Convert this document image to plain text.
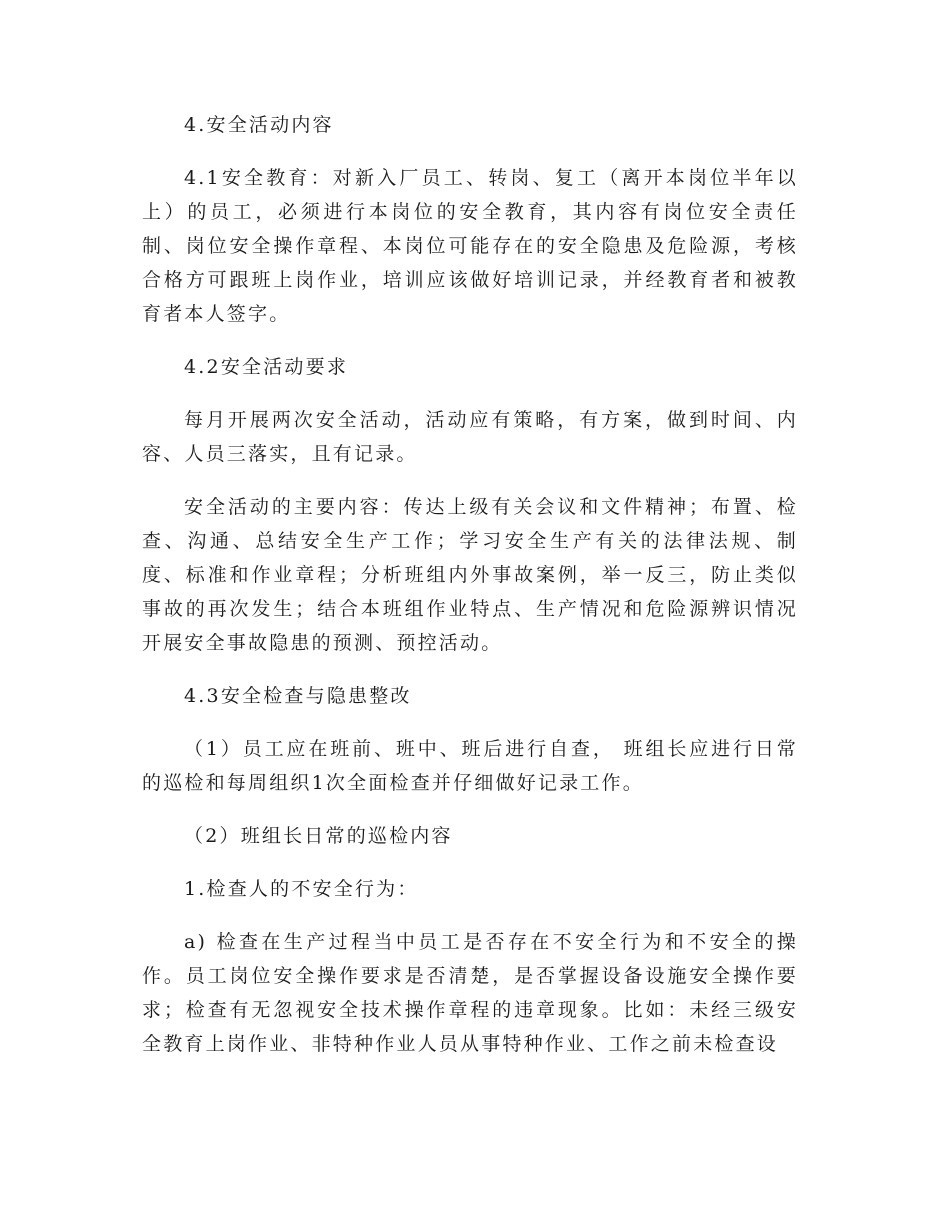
4.安全活动内容

4.1安全教育：对新入厂员工、转岗、复工（离开本岗位半年以上）的员工，必须进行本岗位的安全教育，其内容有岗位安全责任制、岗位安全操作章程、本岗位可能存在的安全隐患及危险源，考核合格方可跟班上岗作业，培训应该做好培训记录，并经教育者和被教育者本人签字。

4.2安全活动要求

每月开展两次安全活动，活动应有策略，有方案，做到时间、内容、人员三落实，且有记录。

安全活动的主要内容：传达上级有关会议和文件精神；布置、检查、沟通、总结安全生产工作；学习安全生产有关的法律法规、制度、标准和作业章程；分析班组内外事故案例，举一反三，防止类似事故的再次发生；结合本班组作业特点、生产情况和危险源辨识情况开展安全事故隐患的预测、预控活动。

4.3安全检查与隐患整改

（1）员工应在班前、班中、班后进行自查， 班组长应进行日常的巡检和每周组织1次全面检查并仔细做好记录工作。

（2）班组长日常的巡检内容

1.检查人的不安全行为：

a) 检查在生产过程当中员工是否存在不安全行为和不安全的操作。员工岗位安全操作要求是否清楚，是否掌握设备设施安全操作要求；检查有无忽视安全技术操作章程的违章现象。比如：未经三级安全教育上岗作业、非特种作业人员从事特种作业、工作之前未检查设
